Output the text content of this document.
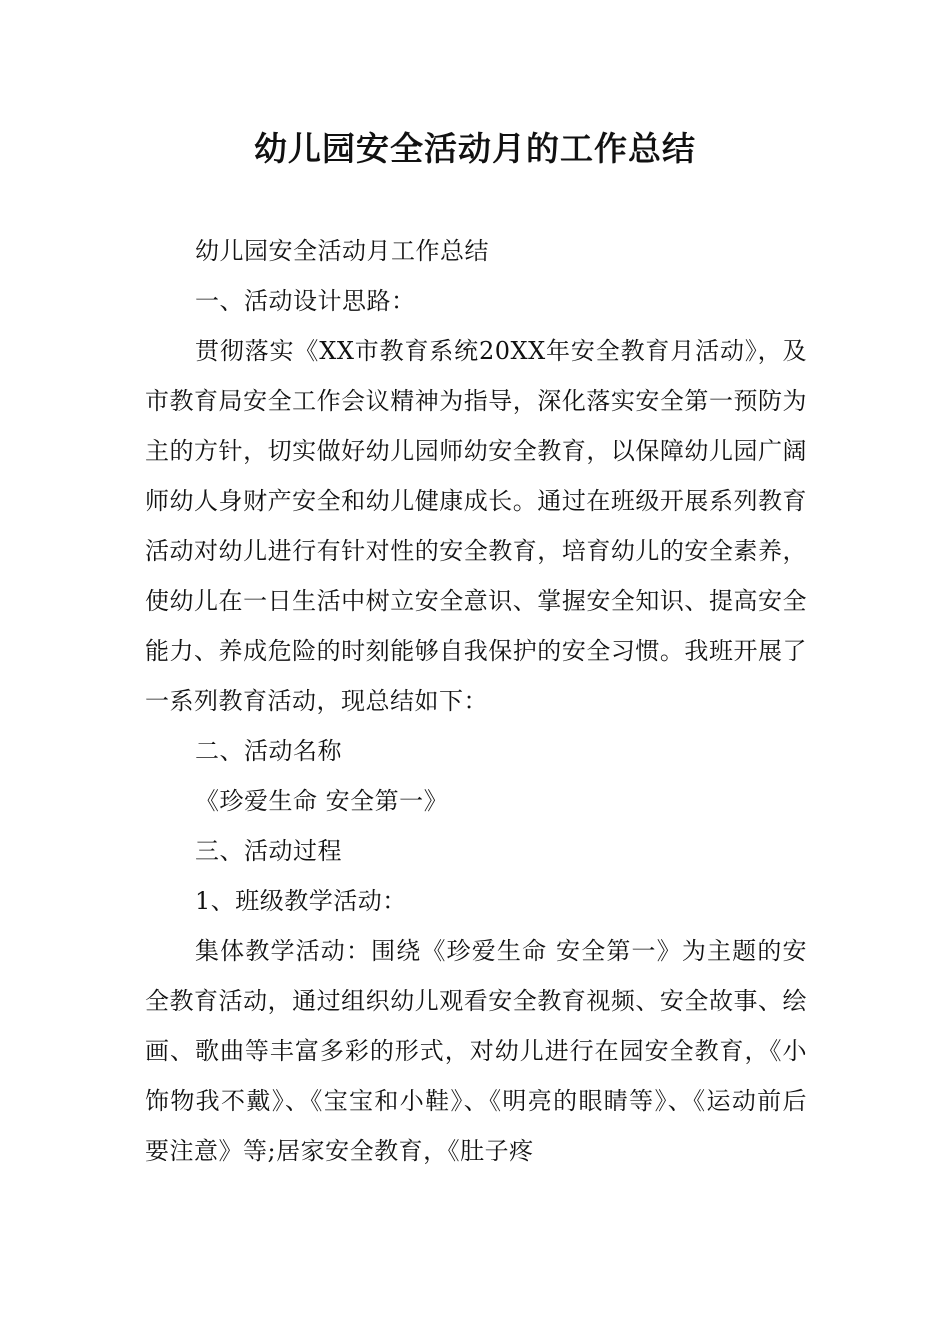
幼儿园安全活动月的工作总结

幼儿园安全活动月工作总结

一、活动设计思路：

贯彻落实《XX市教育系统20XX年安全教育月活动》，及市教育局安全工作会议精神为指导，深化落实安全第一预防为主的方针，切实做好幼儿园师幼安全教育，以保障幼儿园广阔师幼人身财产安全和幼儿健康成长。通过在班级开展系列教育活动对幼儿进行有针对性的安全教育，培育幼儿的安全素养，使幼儿在一日生活中树立安全意识、掌握安全知识、提高安全能力、养成危险的时刻能够自我保护的安全习惯。我班开展了一系列教育活动，现总结如下：

二、活动名称

《珍爱生命 安全第一》

三、活动过程

1、班级教学活动：

集体教学活动：围绕《珍爱生命 安全第一》为主题的安全教育活动，通过组织幼儿观看安全教育视频、安全故事、绘画、歌曲等丰富多彩的形式，对幼儿进行在园安全教育，《小饰物我不戴》、《宝宝和小鞋》、《明亮的眼睛等》、《运动前后要注意》等;居家安全教育，《肚子疼
